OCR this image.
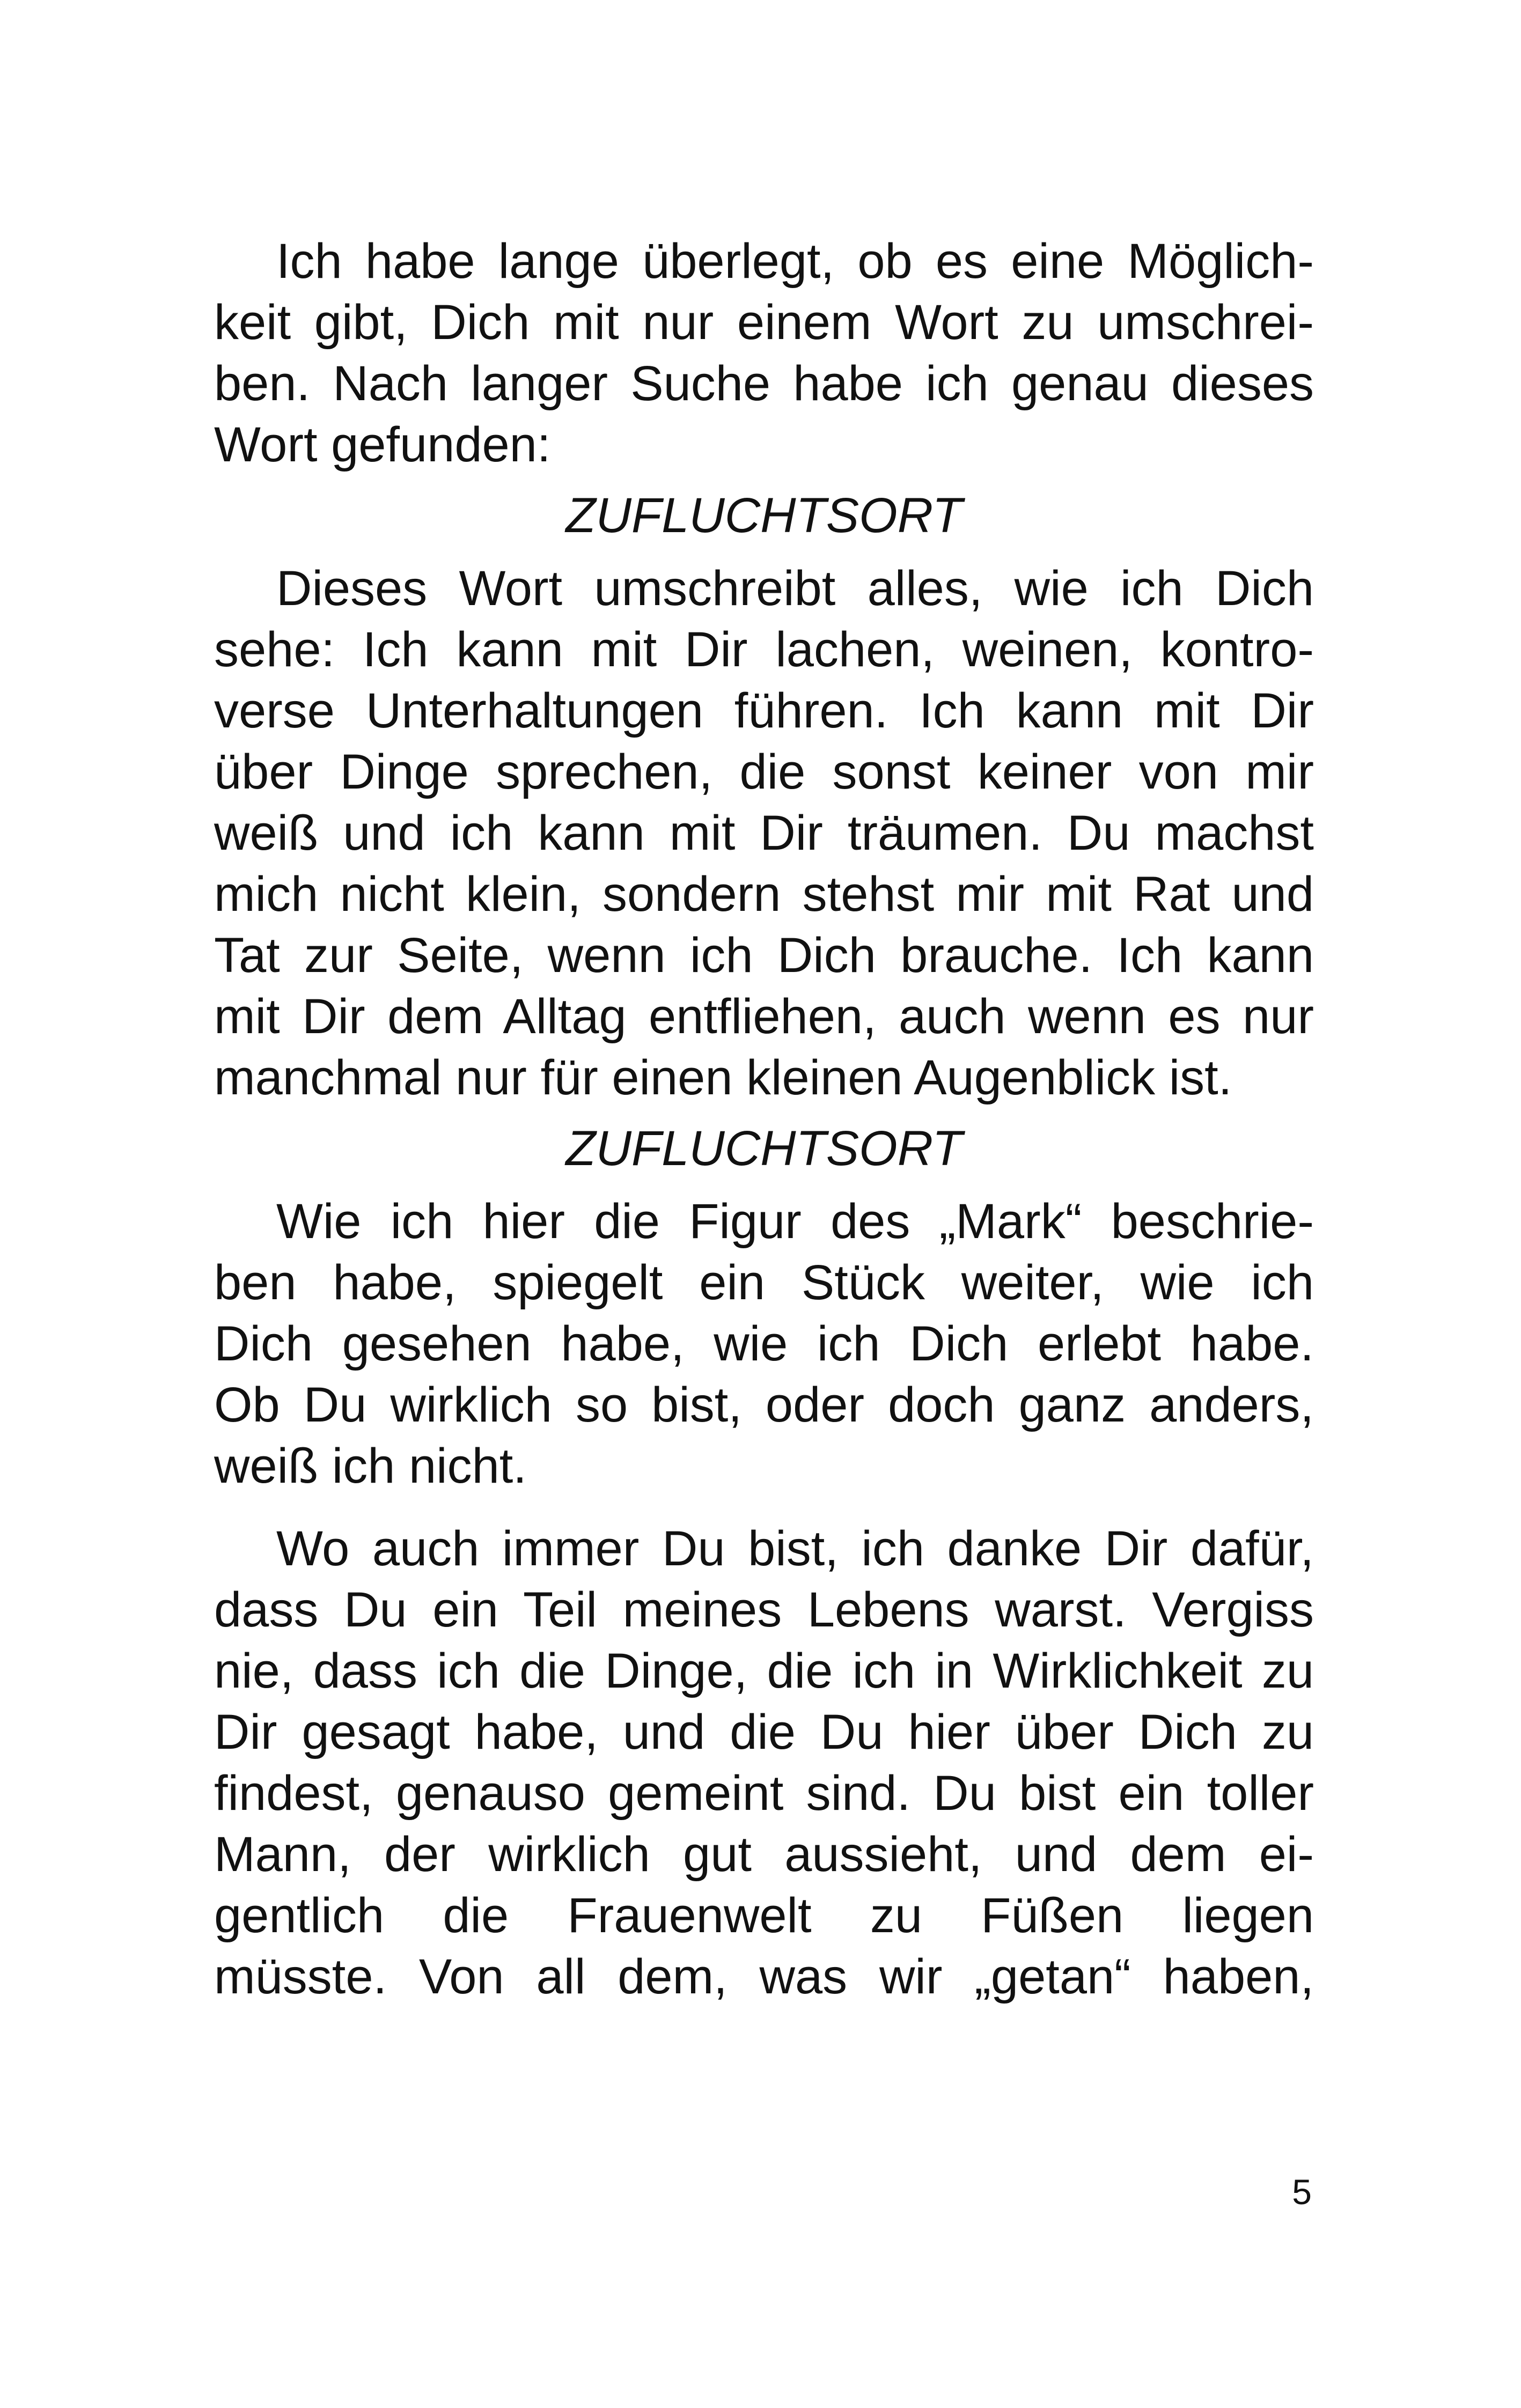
Ich habe lange überlegt, ob es eine Möglich-
keit gibt, Dich mit nur einem Wort zu umschrei-
ben. Nach langer Suche habe ich genau dieses
Wort gefunden:
ZUFLUCHTSORT
Dieses Wort umschreibt alles, wie ich Dich
sehe: Ich kann mit Dir lachen, weinen, kontro-
verse Unterhaltungen führen. Ich kann mit Dir
über Dinge sprechen, die sonst keiner von mir
weiß und ich kann mit Dir träumen. Du machst
mich nicht klein, sondern stehst mir mit Rat und
Tat zur Seite, wenn ich Dich brauche. Ich kann
mit Dir dem Alltag entfliehen, auch wenn es nur
manchmal nur für einen kleinen Augenblick ist.
ZUFLUCHTSORT
Wie ich hier die Figur des „Mark“ beschrie-
ben habe, spiegelt ein Stück weiter, wie ich
Dich gesehen habe, wie ich Dich erlebt habe.
Ob Du wirklich so bist, oder doch ganz anders,
weiß ich nicht.
Wo auch immer Du bist, ich danke Dir dafür,
dass Du ein Teil meines Lebens warst. Vergiss
nie, dass ich die Dinge, die ich in Wirklichkeit zu
Dir gesagt habe, und die Du hier über Dich zu
findest, genauso gemeint sind. Du bist ein toller
Mann, der wirklich gut aussieht, und dem ei-
gentlich die Frauenwelt zu Füßen liegen
müsste. Von all dem, was wir „getan“ haben,
5
